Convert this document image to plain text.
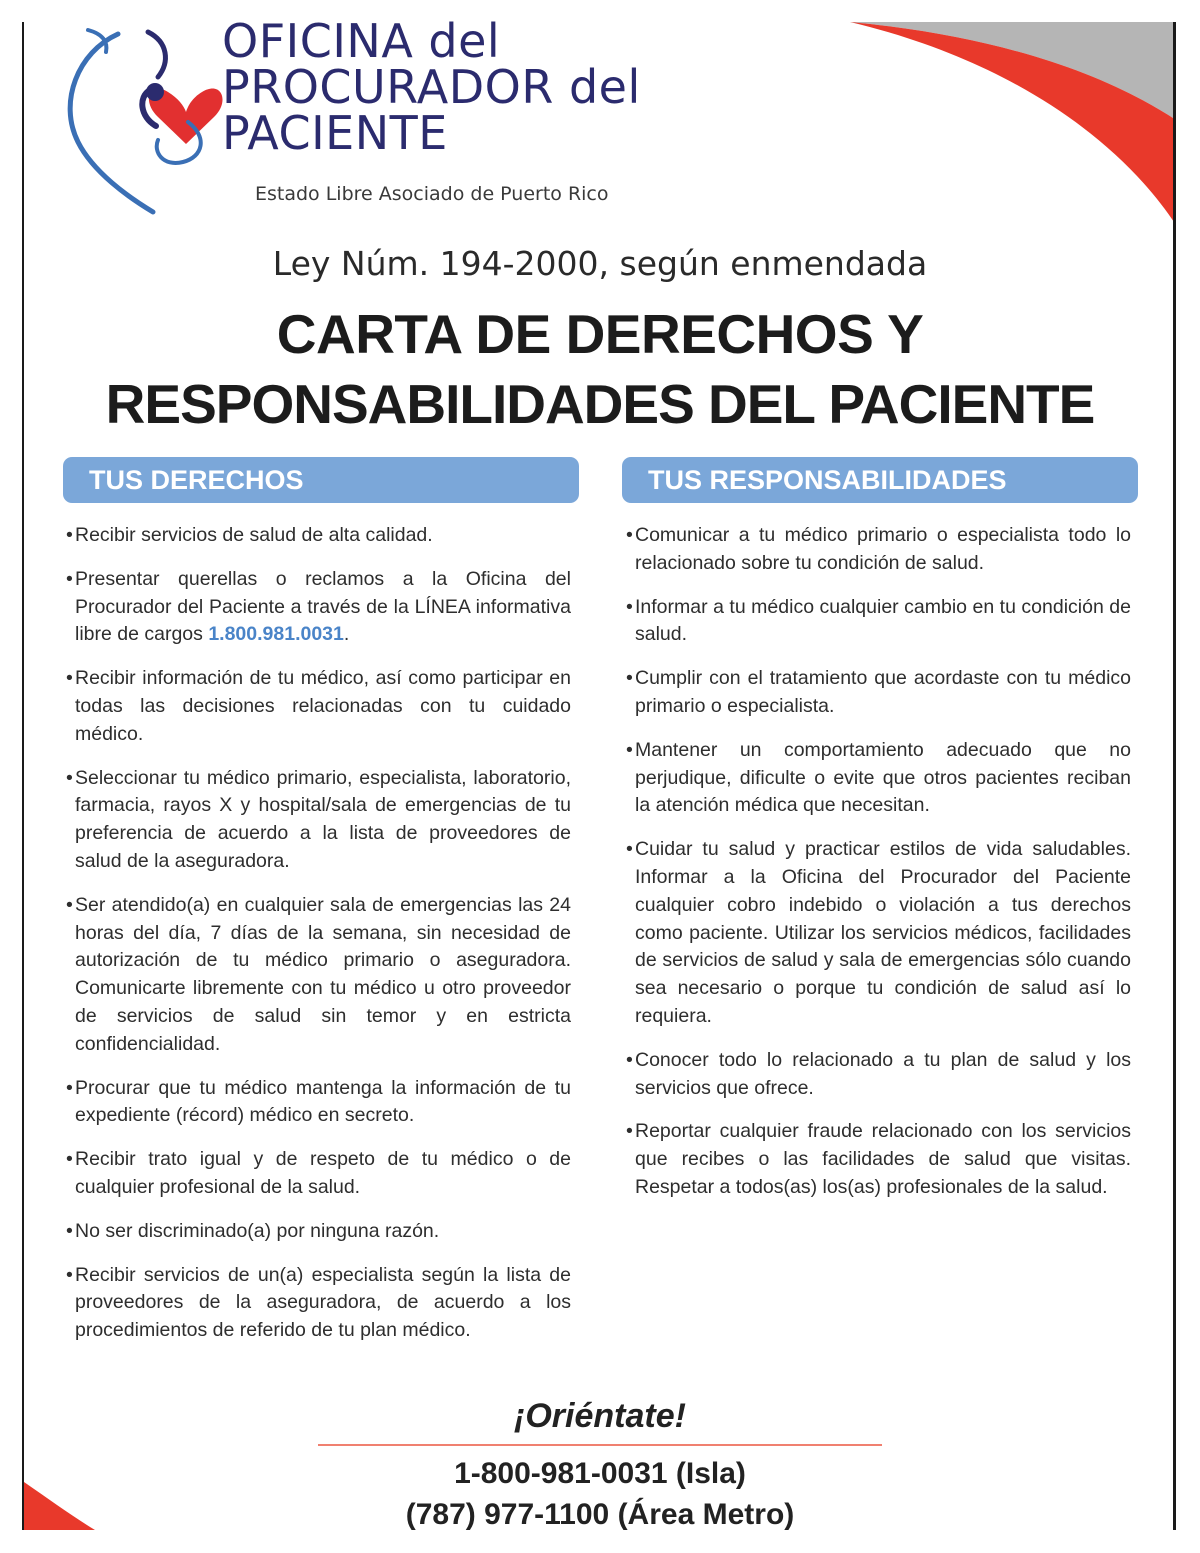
OFICINA del
PROCURADOR del
PACIENTE
Estado Libre Asociado de Puerto Rico
Ley Núm. 194-2000, según enmendada
CARTA DE DERECHOS Y
RESPONSABILIDADES DEL PACIENTE
TUS DERECHOS	TUS RESPONSABILIDADES
• Recibir servicios de salud de alta calidad.
• Presentar querellas o reclamos a la Oficina del Procurador del Paciente a través de la LÍNEA informativa libre de cargos 1.800.981.0031.
• Recibir información de tu médico, así como participar en todas las decisiones relacionadas con tu cuidado médico.
• Seleccionar tu médico primario, especialista, laboratorio, farmacia, rayos X y hospital/sala de emergencias de tu preferencia de acuerdo a la lista de proveedores de salud de la aseguradora.
• Ser atendido(a) en cualquier sala de emergencias las 24 horas del día, 7 días de la semana, sin necesidad de autorización de tu médico primario o aseguradora. Comunicarte libremente con tu médico u otro proveedor de servicios de salud sin temor y en estricta confidencialidad.
• Procurar que tu médico mantenga la información de tu expediente (récord) médico en secreto.
• Recibir trato igual y de respeto de tu médico o de cualquier profesional de la salud.
• No ser discriminado(a) por ninguna razón.
• Recibir servicios de un(a) especialista según la lista de proveedores de la aseguradora, de acuerdo a los procedimientos de referido de tu plan médico.
• Comunicar a tu médico primario o especialista todo lo relacionado sobre tu condición de salud.
• Informar a tu médico cualquier cambio en tu condición de salud.
• Cumplir con el tratamiento que acordaste con tu médico primario o especialista.
• Mantener un comportamiento adecuado que no perjudique, dificulte o evite que otros pacientes reciban la atención médica que necesitan.
• Cuidar tu salud y practicar estilos de vida saludables. Informar a la Oficina del Procurador del Paciente cualquier cobro indebido o violación a tus derechos como paciente. Utilizar los servicios médicos, facilidades de servicios de salud y sala de emergencias sólo cuando sea necesario o porque tu condición de salud así lo requiera.
• Conocer todo lo relacionado a tu plan de salud y los servicios que ofrece.
• Reportar cualquier fraude relacionado con los servicios que recibes o las facilidades de salud que visitas. Respetar a todos(as) los(as) profesionales de la salud.
¡Oriéntate!
1-800-981-0031 (Isla)
(787) 977-1100 (Área Metro)
